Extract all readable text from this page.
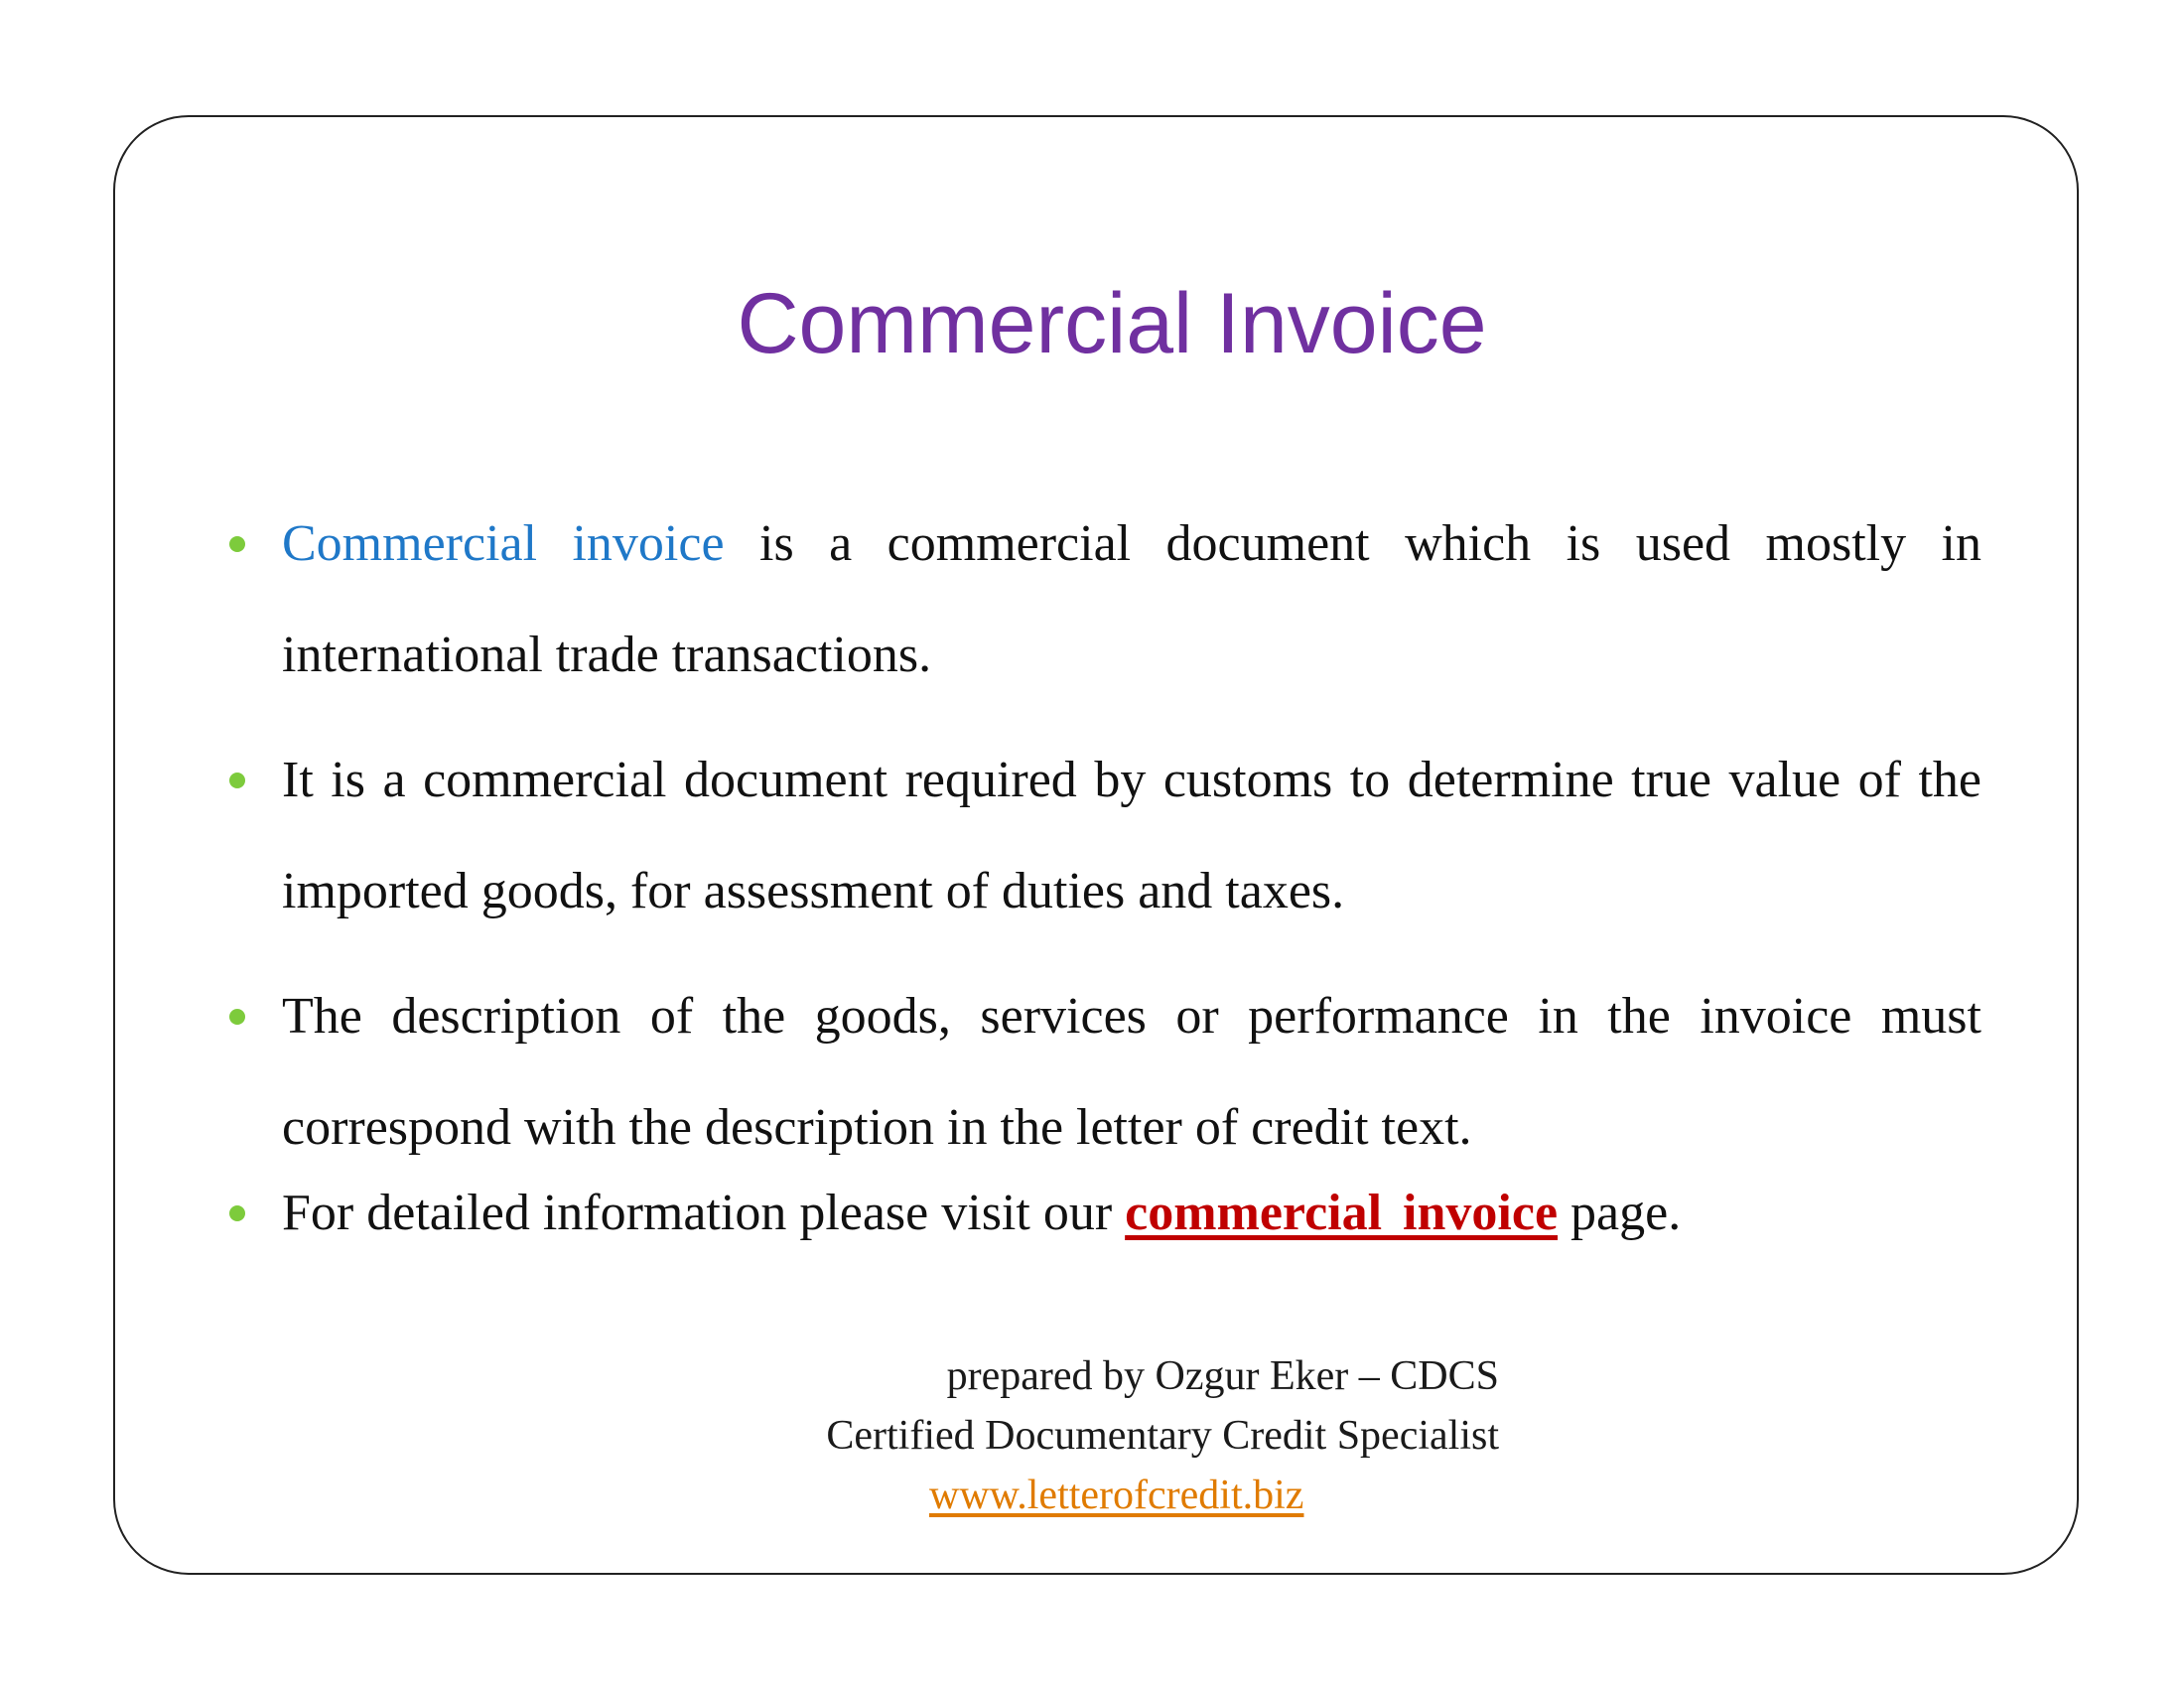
Commercial Invoice
Commercial invoice is a commercial document which is used mostly in international trade transactions.
It is a commercial document required by customs to determine true value of the imported goods, for assessment of duties and taxes.
The description of the goods, services or performance in the invoice must correspond with the description in the letter of credit text.
For detailed information please visit our commercial invoice page.
prepared by Ozgur Eker – CDCS
Certified Documentary Credit Specialist
www.letterofcredit.biz
